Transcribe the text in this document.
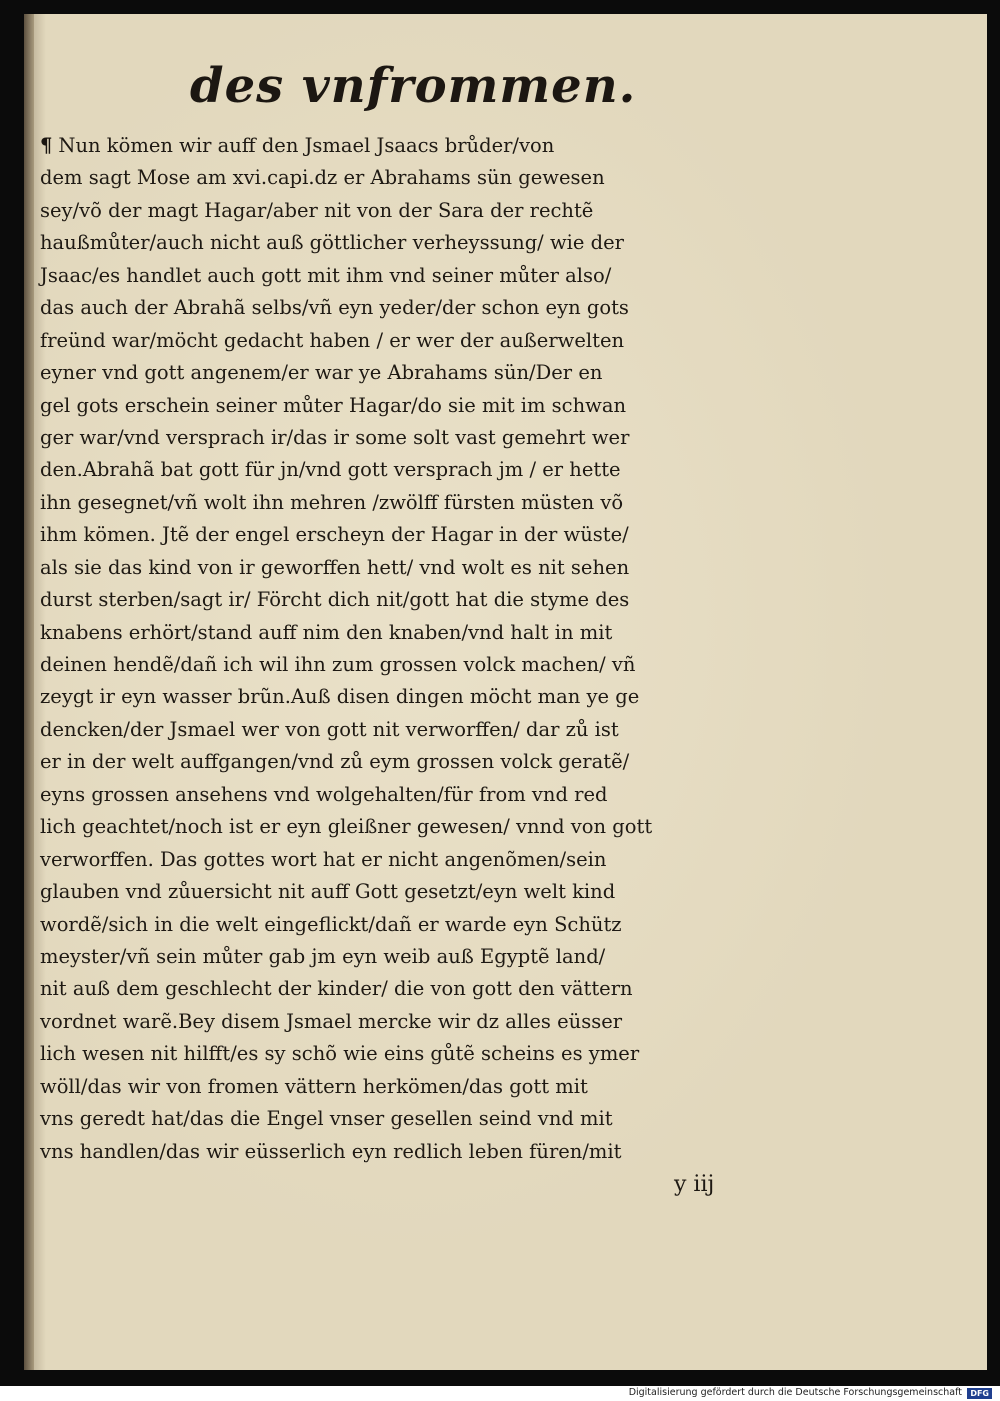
des vnfrommen.
¶ Nun kömen wir auff den Jsmael Jsaacs brůder/von
dem sagt Mose am xvi.capi.dz er Abrahams sün gewesen
sey/võ der magt Hagar/aber nit von der Sara der rechtẽ
haußmůter/auch nicht auß göttlicher verheyssung/ wie der
Jsaac/es handlet auch gott mit ihm vnd seiner můter also/
das auch der Abrahã selbs/vñ eyn yeder/der schon eyn gots
freünd war/möcht gedacht haben / er wer der außerwelten
eyner vnd gott angenem/er war ye Abrahams sün/Der en
gel gots erschein seiner můter Hagar/do sie mit im schwan
ger war/vnd versprach ir/das ir some solt vast gemehrt wer
den.Abrahã bat gott für jn/vnd gott versprach jm / er hette
ihn gesegnet/vñ wolt ihn mehren /zwölff fürsten müsten võ
ihm kömen. Jtẽ der engel erscheyn der Hagar in der wüste/
als sie das kind von ir geworffen hett/ vnd wolt es nit sehen
durst sterben/sagt ir/ Förcht dich nit/gott hat die styme des
knabens erhört/stand auff nim den knaben/vnd halt in mit
deinen hendẽ/dañ ich wil ihn zum grossen volck machen/ vñ
zeygt ir eyn wasser brũn.Auß disen dingen möcht man ye ge
dencken/der Jsmael wer von gott nit verworffen/ dar zů ist
er in der welt auffgangen/vnd zů eym grossen volck geratẽ/
eyns grossen ansehens vnd wolgehalten/für from vnd red
lich geachtet/noch ist er eyn gleißner gewesen/ vnnd von gott
verworffen. Das gottes wort hat er nicht angenõmen/sein
glauben vnd zůuersicht nit auff Gott gesetzt/eyn welt kind
wordẽ/sich in die welt eingeflickt/dañ er warde eyn Schütz
meyster/vñ sein můter gab jm eyn weib auß Egyptẽ land/
nit auß dem geschlecht der kinder/ die von gott den vättern
vordnet warẽ.Bey disem Jsmael mercke wir dz alles eüsser
lich wesen nit hilfft/es sy schõ wie eins gůtẽ scheins es ymer
wöll/das wir von fromen vättern herkömen/das gott mit
vns geredt hat/das die Engel vnser gesellen seind vnd mit
vns handlen/das wir eüsserlich eyn redlich leben füren/mit
y iij
Digitalisierung gefördert durch die Deutsche Forschungsgemeinschaft	DFG
